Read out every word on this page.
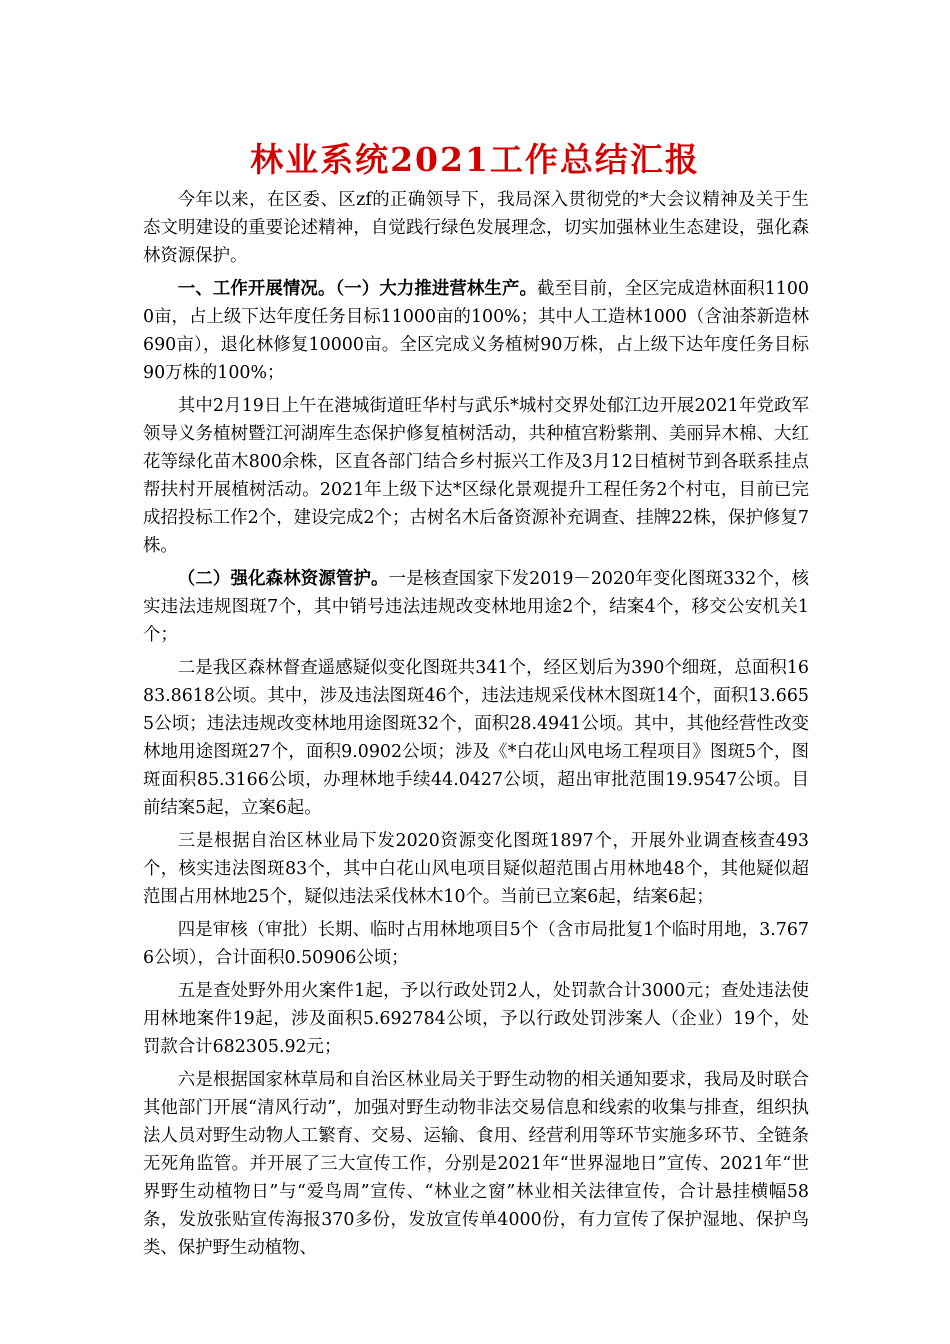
林业系统2021工作总结汇报

今年以来，在区委、区zf的正确领导下，我局深入贯彻党的*大会议精神及关于生态文明建设的重要论述精神，自觉践行绿色发展理念，切实加强林业生态建设，强化森林资源保护。

一、工作开展情况。（一）大力推进营林生产。截至目前，全区完成造林面积11000亩，占上级下达年度任务目标11000亩的100%；其中人工造林1000（含油茶新造林690亩），退化林修复10000亩。全区完成义务植树90万株，占上级下达年度任务目标90万株的100%；

其中2月19日上午在港城街道旺华村与武乐*城村交界处郁江边开展2021年党政军领导义务植树暨江河湖库生态保护修复植树活动，共种植宫粉紫荆、美丽异木棉、大红花等绿化苗木800余株，区直各部门结合乡村振兴工作及3月12日植树节到各联系挂点帮扶村开展植树活动。2021年上级下达*区绿化景观提升工程任务2个村屯，目前已完成招投标工作2个，建设完成2个；古树名木后备资源补充调查、挂牌22株，保护修复7株。

（二）强化森林资源管护。一是核查国家下发2019－2020年变化图斑332个，核实违法违规图斑7个，其中销号违法违规改变林地用途2个，结案4个，移交公安机关1个；

二是我区森林督查遥感疑似变化图斑共341个，经区划后为390个细斑，总面积1683.8618公顷。其中，涉及违法图斑46个，违法违规采伐林木图斑14个，面积13.6655公顷；违法违规改变林地用途图斑32个，面积28.4941公顷。其中，其他经营性改变林地用途图斑27个，面积9.0902公顷；涉及《*白花山风电场工程项目》图斑5个，图斑面积85.3166公顷，办理林地手续44.0427公顷，超出审批范围19.9547公顷。目前结案5起，立案6起。

三是根据自治区林业局下发2020资源变化图斑1897个，开展外业调查核查493个，核实违法图斑83个，其中白花山风电项目疑似超范围占用林地48个，其他疑似超范围占用林地25个，疑似违法采伐林木10个。当前已立案6起，结案6起；

四是审核（审批）长期、临时占用林地项目5个（含市局批复1个临时用地，3.7676公顷），合计面积0.50906公顷；

五是查处野外用火案件1起，予以行政处罚2人，处罚款合计3000元；查处违法使用林地案件19起，涉及面积5.692784公顷，予以行政处罚涉案人（企业）19个，处罚款合计682305.92元；

六是根据国家林草局和自治区林业局关于野生动物的相关通知要求，我局及时联合其他部门开展“清风行动”，加强对野生动物非法交易信息和线索的收集与排查，组织执法人员对野生动物人工繁育、交易、运输、食用、经营利用等环节实施多环节、全链条无死角监管。并开展了三大宣传工作，分别是2021年“世界湿地日”宣传、2021年“世界野生动植物日”与“爱鸟周”宣传、“林业之窗”林业相关法律宣传，合计悬挂横幅58条，发放张贴宣传海报370多份，发放宣传单4000份，有力宣传了保护湿地、保护鸟类、保护野生动植物、
